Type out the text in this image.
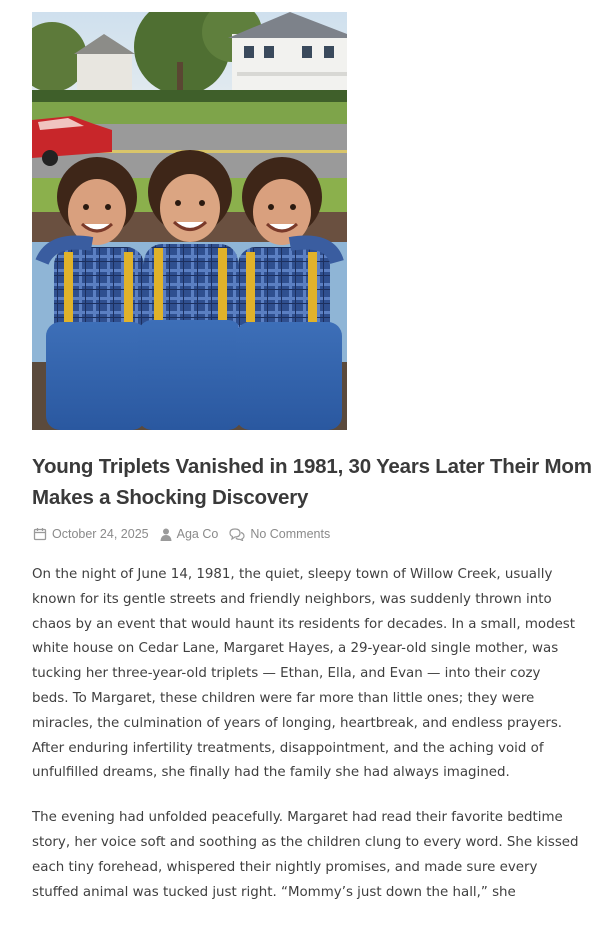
Young Triplets Vanished in 1981, 30 Years Later Their Mom Makes a Shocking Discovery
October 24, 2025 Aga Co	No Comments

On the night of June 14, 1981, the quiet, sleepy town of Willow Creek, usually known for its gentle streets and friendly neighbors, was suddenly thrown into chaos by an event that would haunt its residents for decades. In a small, modest white house on Cedar Lane, Margaret Hayes, a 29-year-old single mother, was tucking her three-year-old triplets — Ethan, Ella, and Evan — into their cozy beds. To Margaret, these children were far more than little ones; they were miracles, the culmination of years of longing, heartbreak, and endless prayers. After enduring infertility treatments, disappointment, and the aching void of unfulfilled dreams, she finally had the family she had always imagined.

The evening had unfolded peacefully. Margaret had read their favorite bedtime story, her voice soft and soothing as the children clung to every word. She kissed each tiny forehead, whispered their nightly promises, and made sure every stuffed animal was tucked just right. “Mommy’s just down the hall,” she
